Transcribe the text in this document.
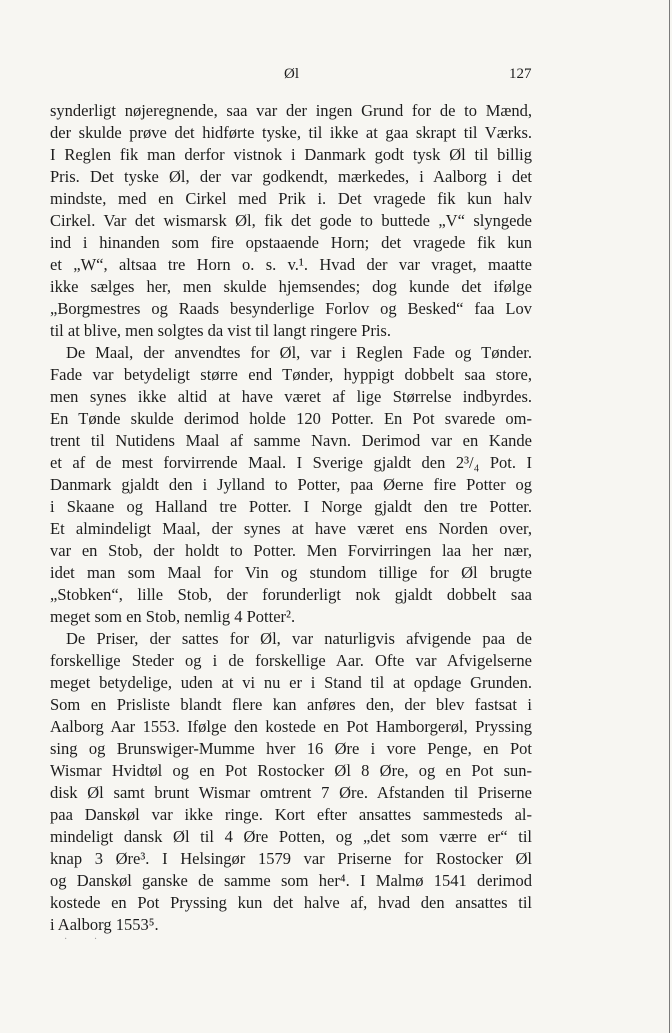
Øl	127
synderligt nøjeregnende, saa var der ingen Grund for de to Mænd,
der skulde prøve det hidførte tyske, til ikke at gaa skrapt til Værks.
I Reglen fik man derfor vistnok i Danmark godt tysk Øl til billig
Pris. Det tyske Øl, der var godkendt, mærkedes, i Aalborg i det
mindste, med en Cirkel med Prik i. Det vragede fik kun halv
Cirkel. Var det wismarsk Øl, fik det gode to buttede „V“ slyngede
ind i hinanden som fire opstaaende Horn; det vragede fik kun
et „W“, altsaa tre Horn o. s. v.¹. Hvad der var vraget, maatte
ikke sælges her, men skulde hjemsendes; dog kunde det ifølge
„Borgmestres og Raads besynderlige Forlov og Besked“ faa Lov
til at blive, men solgtes da vist til langt ringere Pris.
De Maal, der anvendtes for Øl, var i Reglen Fade og Tønder.
Fade var betydeligt større end Tønder, hyppigt dobbelt saa store,
men synes ikke altid at have været af lige Størrelse indbyrdes.
En Tønde skulde derimod holde 120 Potter. En Pot svarede om-
trent til Nutidens Maal af samme Navn. Derimod var en Kande
et af de mest forvirrende Maal. I Sverige gjaldt den 2³/₄ Pot. I
Danmark gjaldt den i Jylland to Potter, paa Øerne fire Potter og
i Skaane og Halland tre Potter. I Norge gjaldt den tre Potter.
Et almindeligt Maal, der synes at have været ens Norden over,
var en Stob, der holdt to Potter. Men Forvirringen laa her nær,
idet man som Maal for Vin og stundom tillige for Øl brugte
„Stobken“, lille Stob, der forunderligt nok gjaldt dobbelt saa
meget som en Stob, nemlig 4 Potter².
De Priser, der sattes for Øl, var naturligvis afvigende paa de
forskellige Steder og i de forskellige Aar. Ofte var Afvigelserne
meget betydelige, uden at vi nu er i Stand til at opdage Grunden.
Som en Prisliste blandt flere kan anføres den, der blev fastsat i
Aalborg Aar 1553. Ifølge den kostede en Pot Hamborgerøl, Pryssing
sing og Brunswiger-Mumme hver 16 Øre i vore Penge, en Pot
Wismar Hvidtøl og en Pot Rostocker Øl 8 Øre, og en Pot sun-
disk Øl samt brunt Wismar omtrent 7 Øre. Afstanden til Priserne
paa Danskøl var ikke ringe. Kort efter ansattes sammesteds al-
mindeligt dansk Øl til 4 Øre Potten, og „det som værre er“ til
knap 3 Øre³. I Helsingør 1579 var Priserne for Rostocker Øl
og Danskøl ganske de samme som her⁴. I Malmø 1541 derimod
kostede en Pot Pryssing kun det halve af, hvad den ansattes til
i Aalborg 1553⁵.
· ·
